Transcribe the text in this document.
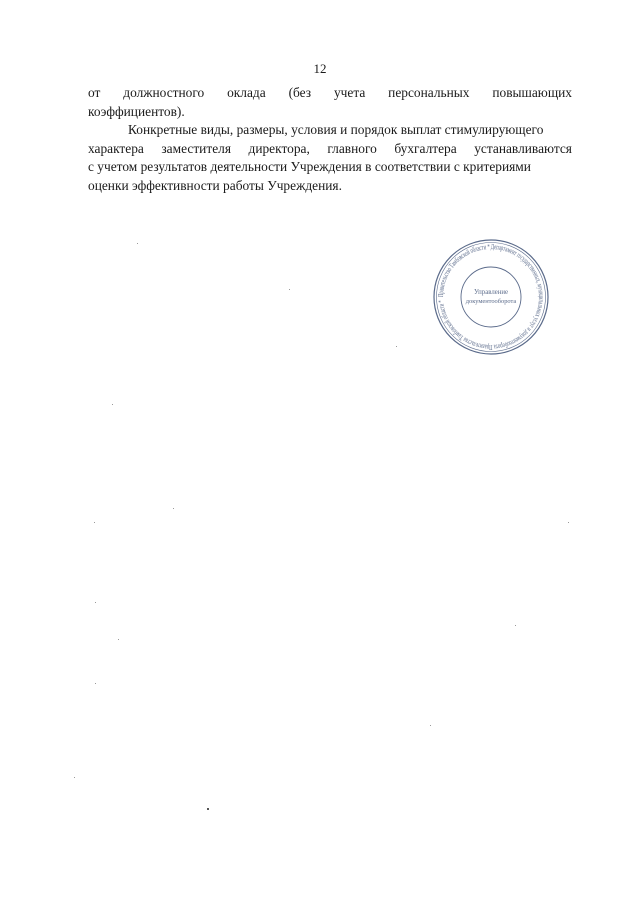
12
от должностного оклада (без учета персональных повышающих
коэффициентов).
Конкретные виды, размеры, условия и порядок выплат стимулирующего
характера заместителя директора, главного бухгалтера устанавливаются
с учетом результатов деятельности Учреждения в соответствии с критериями
оценки эффективности работы Учреждения.
Правительство Тамбовской области * Департамент государственных, муниципальных услуг и документооборота Правительства Тамбовской области *
Управление
документооборота
